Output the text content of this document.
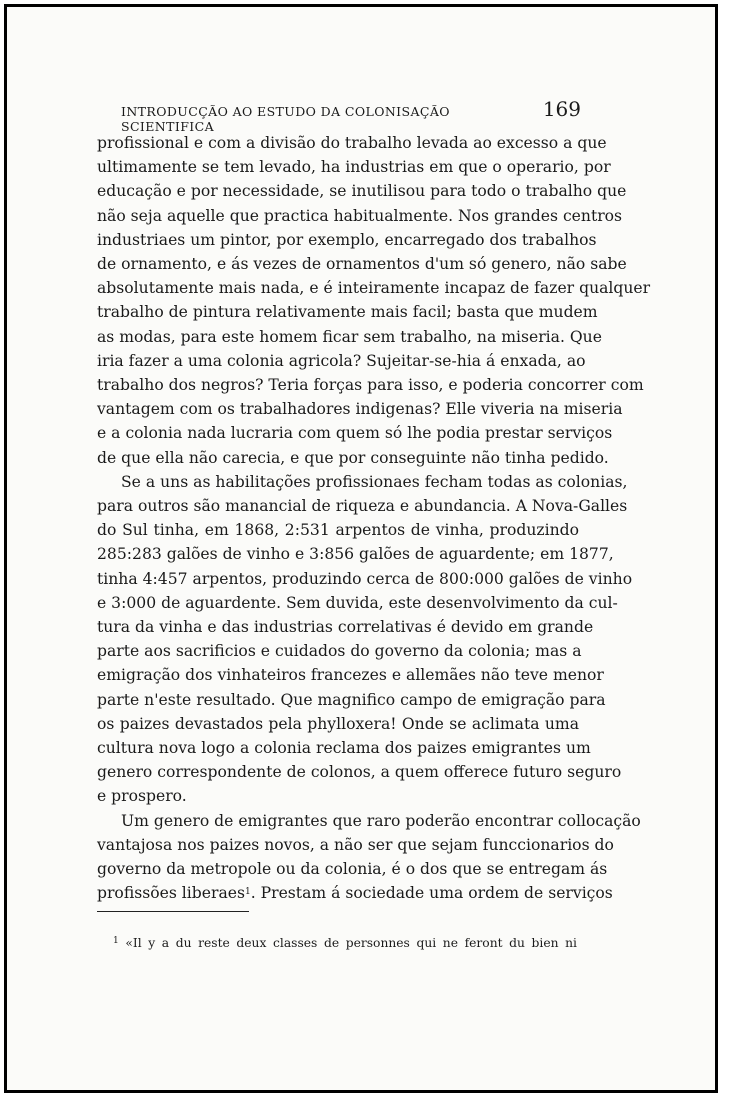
INTRODUCÇÃO AO ESTUDO DA COLONISAÇÃO SCIENTIFICA
169

profissional e com a divisão do trabalho levada ao excesso a que
ultimamente se tem levado, ha industrias em que o operario, por
educação e por necessidade, se inutilisou para todo o trabalho que
não seja aquelle que practica habitualmente. Nos grandes centros
industriaes um pintor, por exemplo, encarregado dos trabalhos
de ornamento, e ás vezes de ornamentos d'um só genero, não sabe
absolutamente mais nada, e é inteiramente incapaz de fazer qualquer
trabalho de pintura relativamente mais facil; basta que mudem
as modas, para este homem ficar sem trabalho, na miseria. Que
iria fazer a uma colonia agricola? Sujeitar-se-hia á enxada, ao
trabalho dos negros? Teria forças para isso, e poderia concorrer com
vantagem com os trabalhadores indigenas? Elle viveria na miseria
e a colonia nada lucraria com quem só lhe podia prestar serviços
de que ella não carecia, e que por conseguinte não tinha pedido.

Se a uns as habilitações profissionaes fecham todas as colonias,
para outros são manancial de riqueza e abundancia. A Nova-Galles
do Sul tinha, em 1868, 2:531 arpentos de vinha, produzindo
285:283 galões de vinho e 3:856 galões de aguardente; em 1877,
tinha 4:457 arpentos, produzindo cerca de 800:000 galões de vinho
e 3:000 de aguardente. Sem duvida, este desenvolvimento da cul-
tura da vinha e das industrias correlativas é devido em grande
parte aos sacrificios e cuidados do governo da colonia; mas a
emigração dos vinhateiros francezes e allemães não teve menor
parte n'este resultado. Que magnifico campo de emigração para
os paizes devastados pela phylloxera! Onde se aclimata uma
cultura nova logo a colonia reclama dos paizes emigrantes um
genero correspondente de colonos, a quem offerece futuro seguro
e prospero.

Um genero de emigrantes que raro poderão encontrar collocação
vantajosa nos paizes novos, a não ser que sejam funccionarios do
governo da metropole ou da colonia, é o dos que se entregam ás
profissões liberaes$^1$. Prestam á sociedade uma ordem de serviços

$^1$ «Il y a du reste deux classes de personnes qui ne feront du bien ni
